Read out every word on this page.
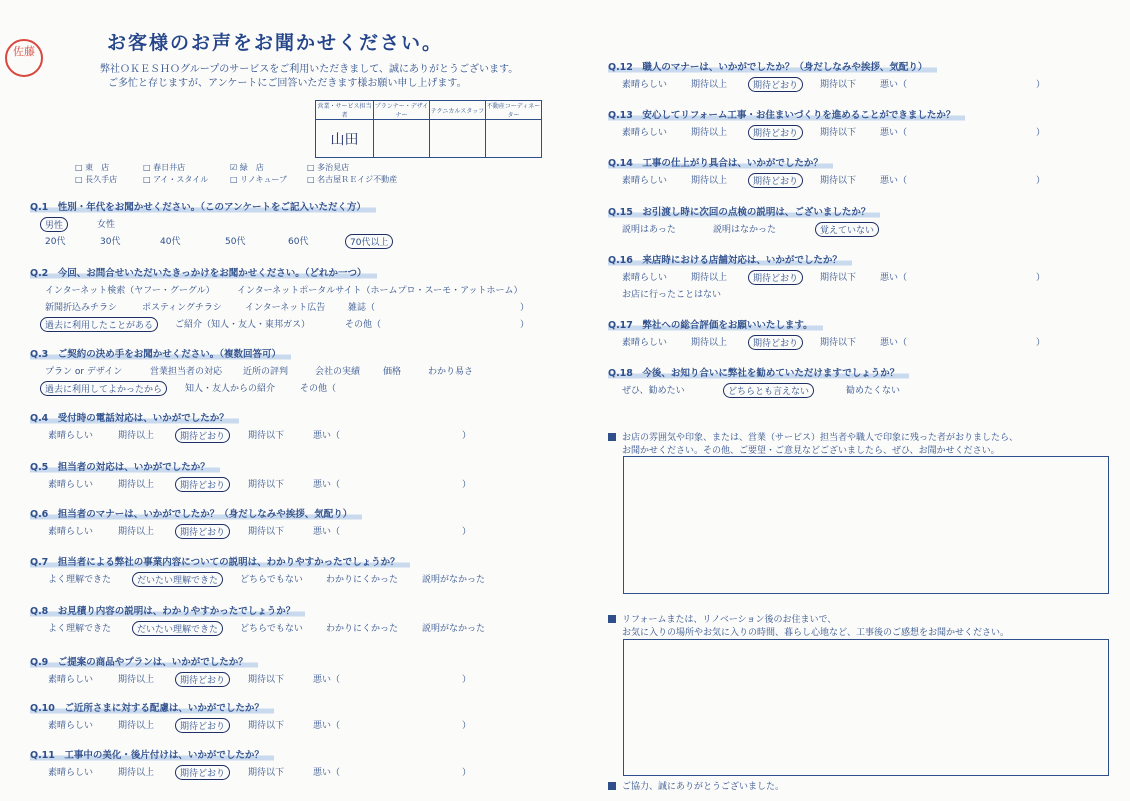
佐藤	お客様のお声をお聞かせください。
弊社ＯＫＥＳＨＯグループのサービスをご利用いただきまして、誠にありがとうございます。
ご多忙と存じますが、アンケートにご回答いただきます様お願い申し上げます。
営業・サービス担当者	プランナー・デザイナー	テクニカルスタッフ	不動産コーディネーター
山田			
□ 東　店	□ 春日井店	☑ 緑　店	□ 多治見店
□ 長久手店	□ アイ・スタイル	□ リノキューブ □ 名古屋ＲＥイジ不動産
Q.1　性別・年代をお聞かせください。（このアンケートをご記入いただく方）
男性	女性
20代	30代	40代	50代	60代	70代以上
Q.2　今回、お問合せいただいたきっかけをお聞かせください。（どれか一つ）
インターネット検索（ヤフー・グーグル） インターネットポータルサイト（ホームプロ・スーモ・アットホーム）
新聞折込みチラシ	ポスティングチラシ	インターネット広告	雑誌（	）
過去に利用したことがある	ご紹介（知人・友人・東邦ガス）	その他（	）
Q.3　ご契約の決め手をお聞かせください。（複数回答可）
プラン or デザイン	営業担当者の対応 近所の評判	会社の実績	価格	わかり易さ
過去に利用してよかったから	知人・友人からの紹介	その他（
Q.4　受付時の電話対応は、いかがでしたか？
素晴らしい	期待以上	期待どおり	期待以下	悪い（	）
Q.5　担当者の対応は、いかがでしたか？
素晴らしい	期待以上	期待どおり	期待以下	悪い（	）
Q.6　担当者のマナーは、いかがでしたか？（身だしなみや挨拶、気配り）
素晴らしい	期待以上	期待どおり	期待以下	悪い（	）
Q.7　担当者による弊社の事業内容についての説明は、わかりやすかったでしょうか？
よく理解できた	だいたい理解できた	どちらでもない	わかりにくかった	説明がなかった
Q.8　お見積り内容の説明は、わかりやすかったでしょうか？
よく理解できた	だいたい理解できた	どちらでもない	わかりにくかった	説明がなかった
Q.9　ご提案の商品やプランは、いかがでしたか？
素晴らしい	期待以上	期待どおり	期待以下	悪い（	）
Q.10　ご近所さまに対する配慮は、いかがでしたか？
素晴らしい	期待以上	期待どおり	期待以下	悪い（	）
Q.11　工事中の美化・後片付けは、いかがでしたか？
素晴らしい	期待以上	期待どおり	期待以下	悪い（	）
Q.12　職人のマナーは、いかがでしたか？（身だしなみや挨拶、気配り）
素晴らしい	期待以上	期待どおり	期待以下	悪い（	）
Q.13　安心してリフォーム工事・お住まいづくりを進めることができましたか？
素晴らしい	期待以上	期待どおり	期待以下	悪い（	）
Q.14　工事の仕上がり具合は、いかがでしたか？
素晴らしい	期待以上	期待どおり	期待以下	悪い（	）
Q.15　お引渡し時に次回の点検の説明は、ございましたか？
説明はあった	説明はなかった	覚えていない
Q.16　来店時における店舗対応は、いかがでしたか？
素晴らしい	期待以上	期待どおり	期待以下	悪い（	）
お店に行ったことはない
Q.17　弊社への総合評価をお願いいたします。
素晴らしい	期待以上	期待どおり	期待以下	悪い（	）
Q.18　今後、お知り合いに弊社を勧めていただけますでしょうか？
ぜひ、勧めたい	どちらとも言えない	勧めたくない
お店の雰囲気や印象、または、営業（サービス）担当者や職人で印象に残った者がおりましたら、
お聞かせください。その他、ご要望・ご意見などございましたら、ぜひ、お聞かせください。
リフォームまたは、リノベーション後のお住まいで、
お気に入りの場所やお気に入りの時間、暮らし心地など、工事後のご感想をお聞かせください。
ご協力、誠にありがとうございました。
